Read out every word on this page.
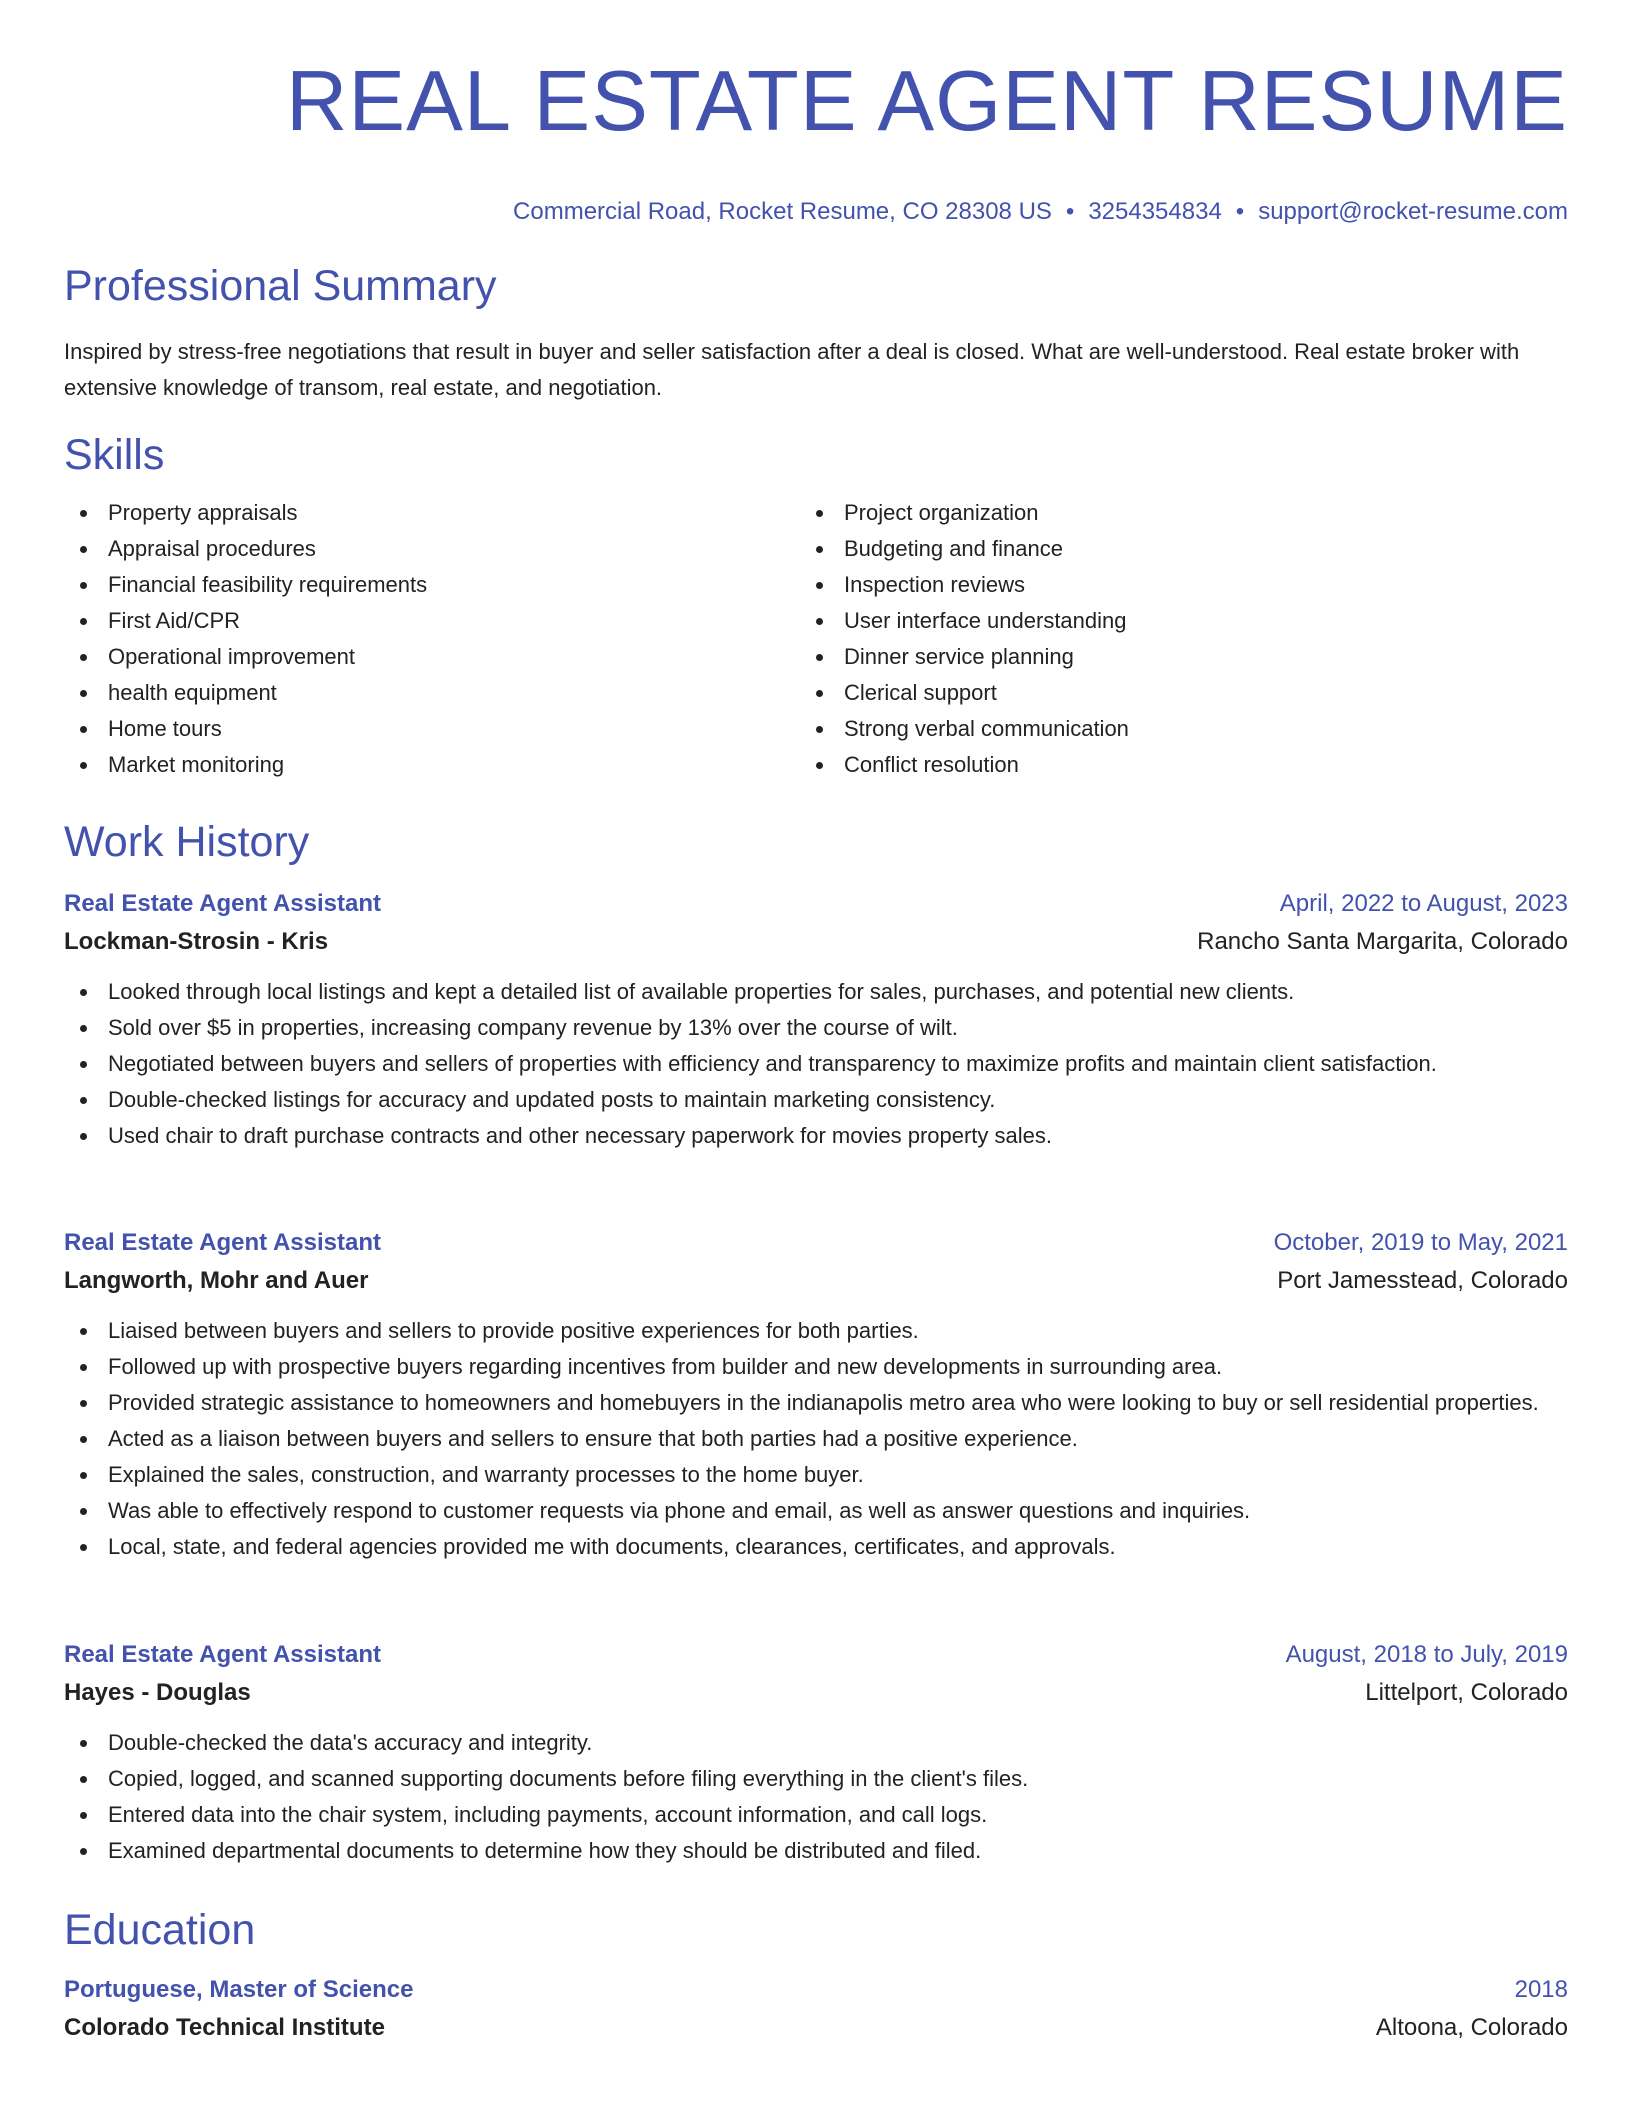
REAL ESTATE AGENT RESUME
Commercial Road, Rocket Resume, CO 28308 US • 3254354834 • support@rocket-resume.com
Professional Summary

Inspired by stress-free negotiations that result in buyer and seller satisfaction after a deal is closed. What are well-understood. Real estate broker with extensive knowledge of transom, real estate, and negotiation.

Skills
Property appraisals
Appraisal procedures
Financial feasibility requirements
First Aid/CPR
Operational improvement
health equipment
Home tours
Market monitoring
Project organization
Budgeting and finance
Inspection reviews
User interface understanding
Dinner service planning
Clerical support
Strong verbal communication
Conflict resolution
Work History
Real Estate Agent Assistant	April, 2022 to August, 2023
Lockman-Strosin - Kris	Rancho Santa Margarita, Colorado
Looked through local listings and kept a detailed list of available properties for sales, purchases, and potential new clients.
Sold over $5 in properties, increasing company revenue by 13% over the course of wilt.
Negotiated between buyers and sellers of properties with efficiency and transparency to maximize profits and maintain client satisfaction.
Double-checked listings for accuracy and updated posts to maintain marketing consistency.
Used chair to draft purchase contracts and other necessary paperwork for movies property sales.
Real Estate Agent Assistant	October, 2019 to May, 2021
Langworth, Mohr and Auer	Port Jamesstead, Colorado
Liaised between buyers and sellers to provide positive experiences for both parties.
Followed up with prospective buyers regarding incentives from builder and new developments in surrounding area.
Provided strategic assistance to homeowners and homebuyers in the indianapolis metro area who were looking to buy or sell residential properties.
Acted as a liaison between buyers and sellers to ensure that both parties had a positive experience.
Explained the sales, construction, and warranty processes to the home buyer.
Was able to effectively respond to customer requests via phone and email, as well as answer questions and inquiries.
Local, state, and federal agencies provided me with documents, clearances, certificates, and approvals.
Real Estate Agent Assistant	August, 2018 to July, 2019
Hayes - Douglas	Littelport, Colorado
Double-checked the data's accuracy and integrity.
Copied, logged, and scanned supporting documents before filing everything in the client's files.
Entered data into the chair system, including payments, account information, and call logs.
Examined departmental documents to determine how they should be distributed and filed.
Education
Portuguese, Master of Science	2018
Colorado Technical Institute	Altoona, Colorado
